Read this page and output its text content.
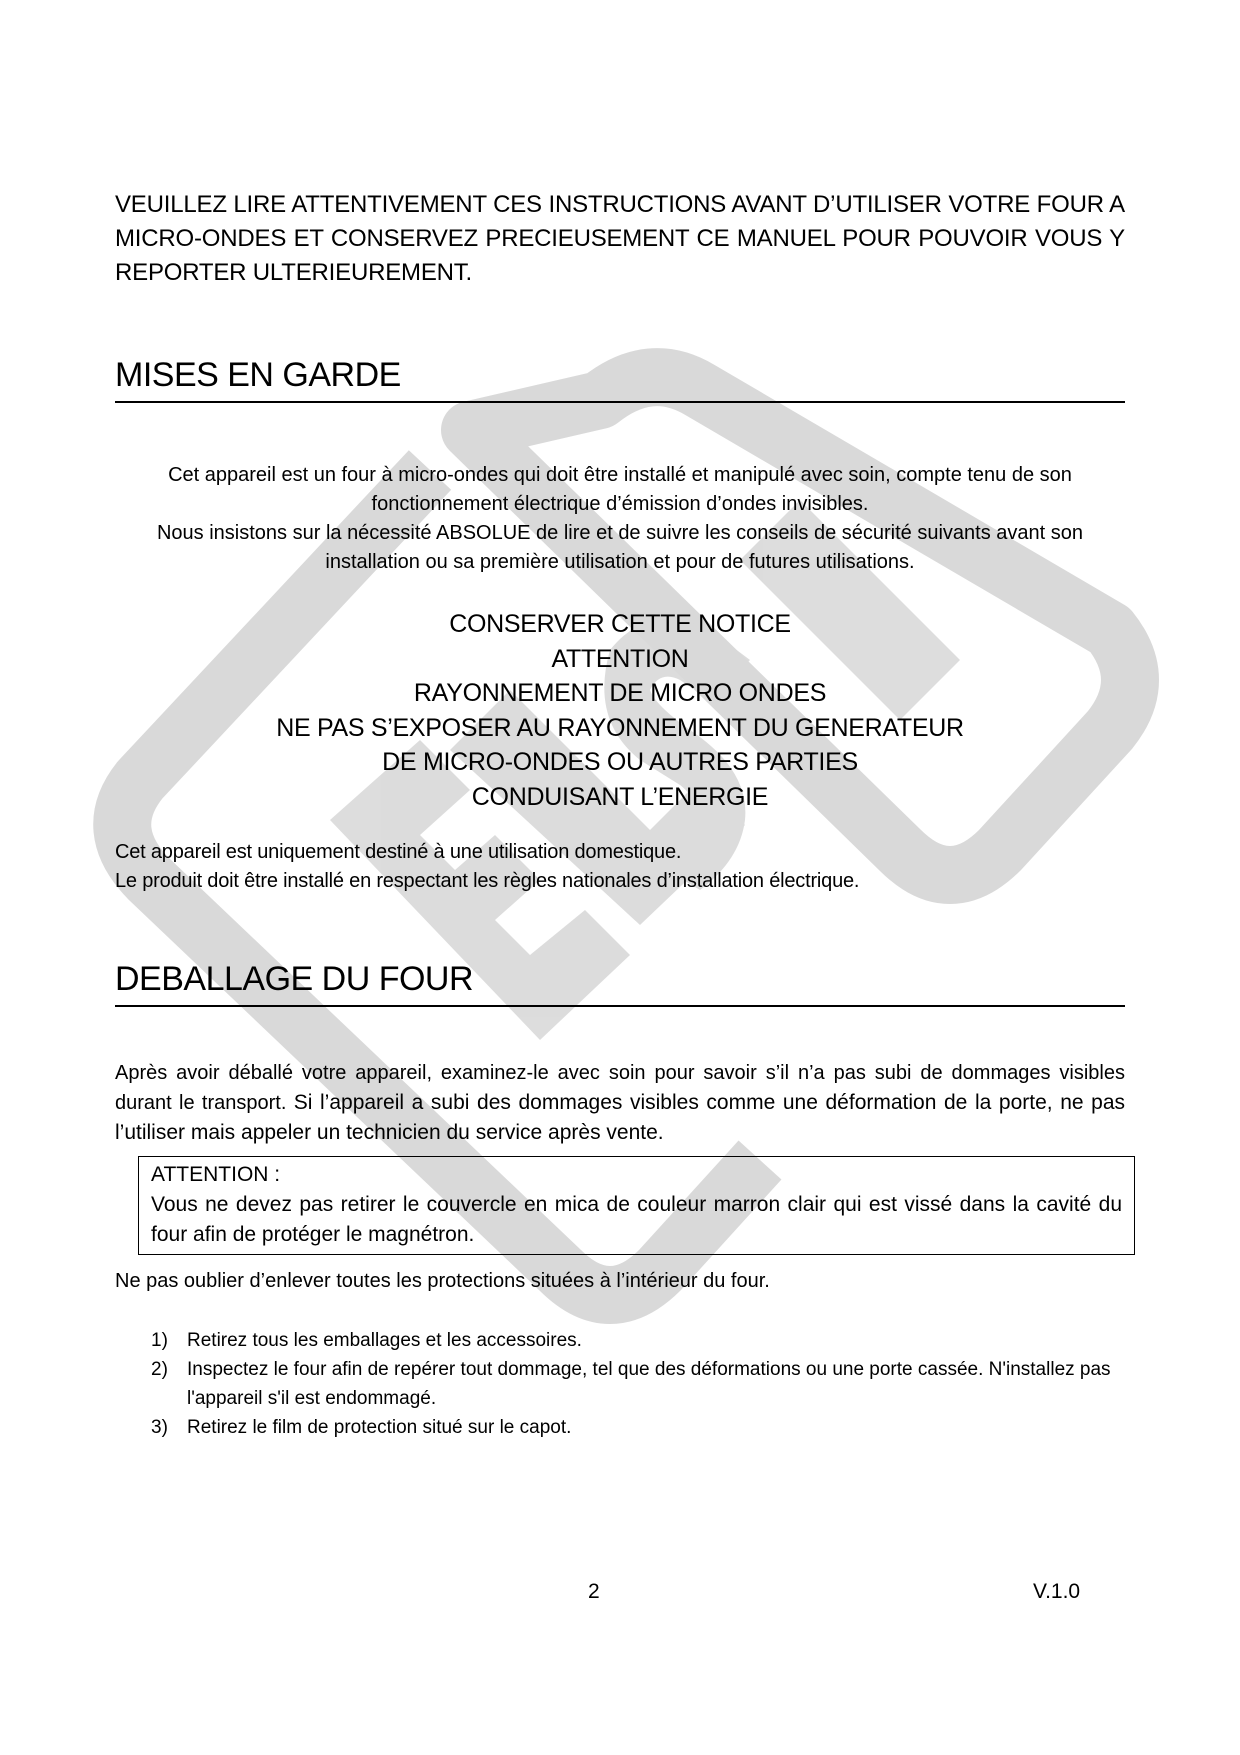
VEUILLEZ LIRE ATTENTIVEMENT CES INSTRUCTIONS AVANT D’UTILISER VOTRE FOUR A MICRO-ONDES ET CONSERVEZ PRECIEUSEMENT CE MANUEL POUR POUVOIR VOUS Y REPORTER ULTERIEUREMENT.

MISES EN GARDE
Cet appareil est un four à micro-ondes qui doit être installé et manipulé avec soin, compte tenu de son fonctionnement électrique d’émission d’ondes invisibles.
Nous insistons sur la nécessité ABSOLUE de lire et de suivre les conseils de sécurité suivants avant son installation ou sa première utilisation et pour de futures utilisations.
CONSERVER CETTE NOTICE
ATTENTION
RAYONNEMENT DE MICRO ONDES
NE PAS S’EXPOSER AU RAYONNEMENT DU GENERATEUR
DE MICRO-ONDES OU AUTRES PARTIES
CONDUISANT L’ENERGIE

Cet appareil est uniquement destiné à une utilisation domestique.

Le produit doit être installé en respectant les règles nationales d’installation électrique.

DEBALLAGE DU FOUR

Après avoir déballé votre appareil, examinez-le avec soin pour savoir s’il n’a pas subi de dommages visibles durant le transport. Si l’appareil a subi des dommages visibles comme une déformation de la porte, ne pas l’utiliser mais appeler un technicien du service après vente.

ATTENTION :
Vous ne devez pas retirer le couvercle en mica de couleur marron clair qui est vissé dans la cavité du four afin de protéger le magnétron.

Ne pas oublier d’enlever toutes les protections situées à l’intérieur du four.

1) Retirez tous les emballages et les accessoires.
2) Inspectez le four afin de repérer tout dommage, tel que des déformations ou une porte cassée. N'installez pas l'appareil s'il est endommagé.
3) Retirez le film de protection situé sur le capot.
2	V.1.0
